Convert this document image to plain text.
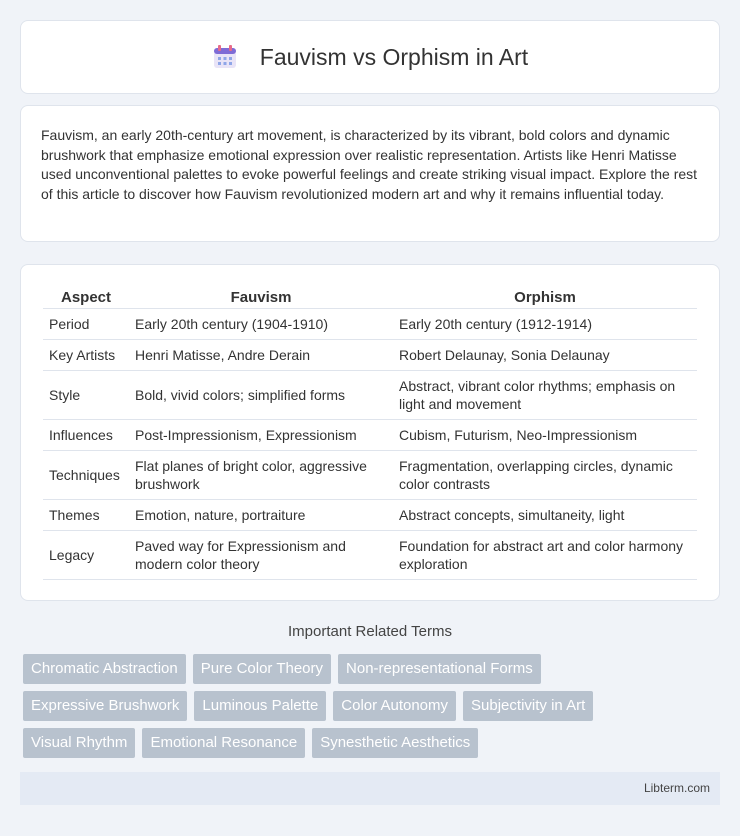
Fauvism vs Orphism in Art

Fauvism, an early 20th-century art movement, is characterized by its vibrant, bold colors and dynamic brushwork that emphasize emotional expression over realistic representation. Artists like Henri Matisse used unconventional palettes to evoke powerful feelings and create striking visual impact. Explore the rest of this article to discover how Fauvism revolutionized modern art and why it remains influential today.

Aspect	Fauvism	Orphism
Period	Early 20th century (1904-1910)	Early 20th century (1912-1914)
Key Artists	Henri Matisse, Andre Derain	Robert Delaunay, Sonia Delaunay
Style	Bold, vivid colors; simplified forms	Abstract, vibrant color rhythms; emphasis on light and movement
Influences	Post-Impressionism, Expressionism	Cubism, Futurism, Neo-Impressionism
Techniques	Flat planes of bright color, aggressive brushwork	Fragmentation, overlapping circles, dynamic color contrasts
Themes	Emotion, nature, portraiture	Abstract concepts, simultaneity, light
Legacy	Paved way for Expressionism and modern color theory	Foundation for abstract art and color harmony exploration
Important Related Terms
Chromatic Abstraction	Pure Color Theory	Non-representational Forms
Expressive Brushwork	Luminous Palette	Color Autonomy	Subjectivity in Art
Visual Rhythm	Emotional Resonance	Synesthetic Aesthetics
Libterm.com
